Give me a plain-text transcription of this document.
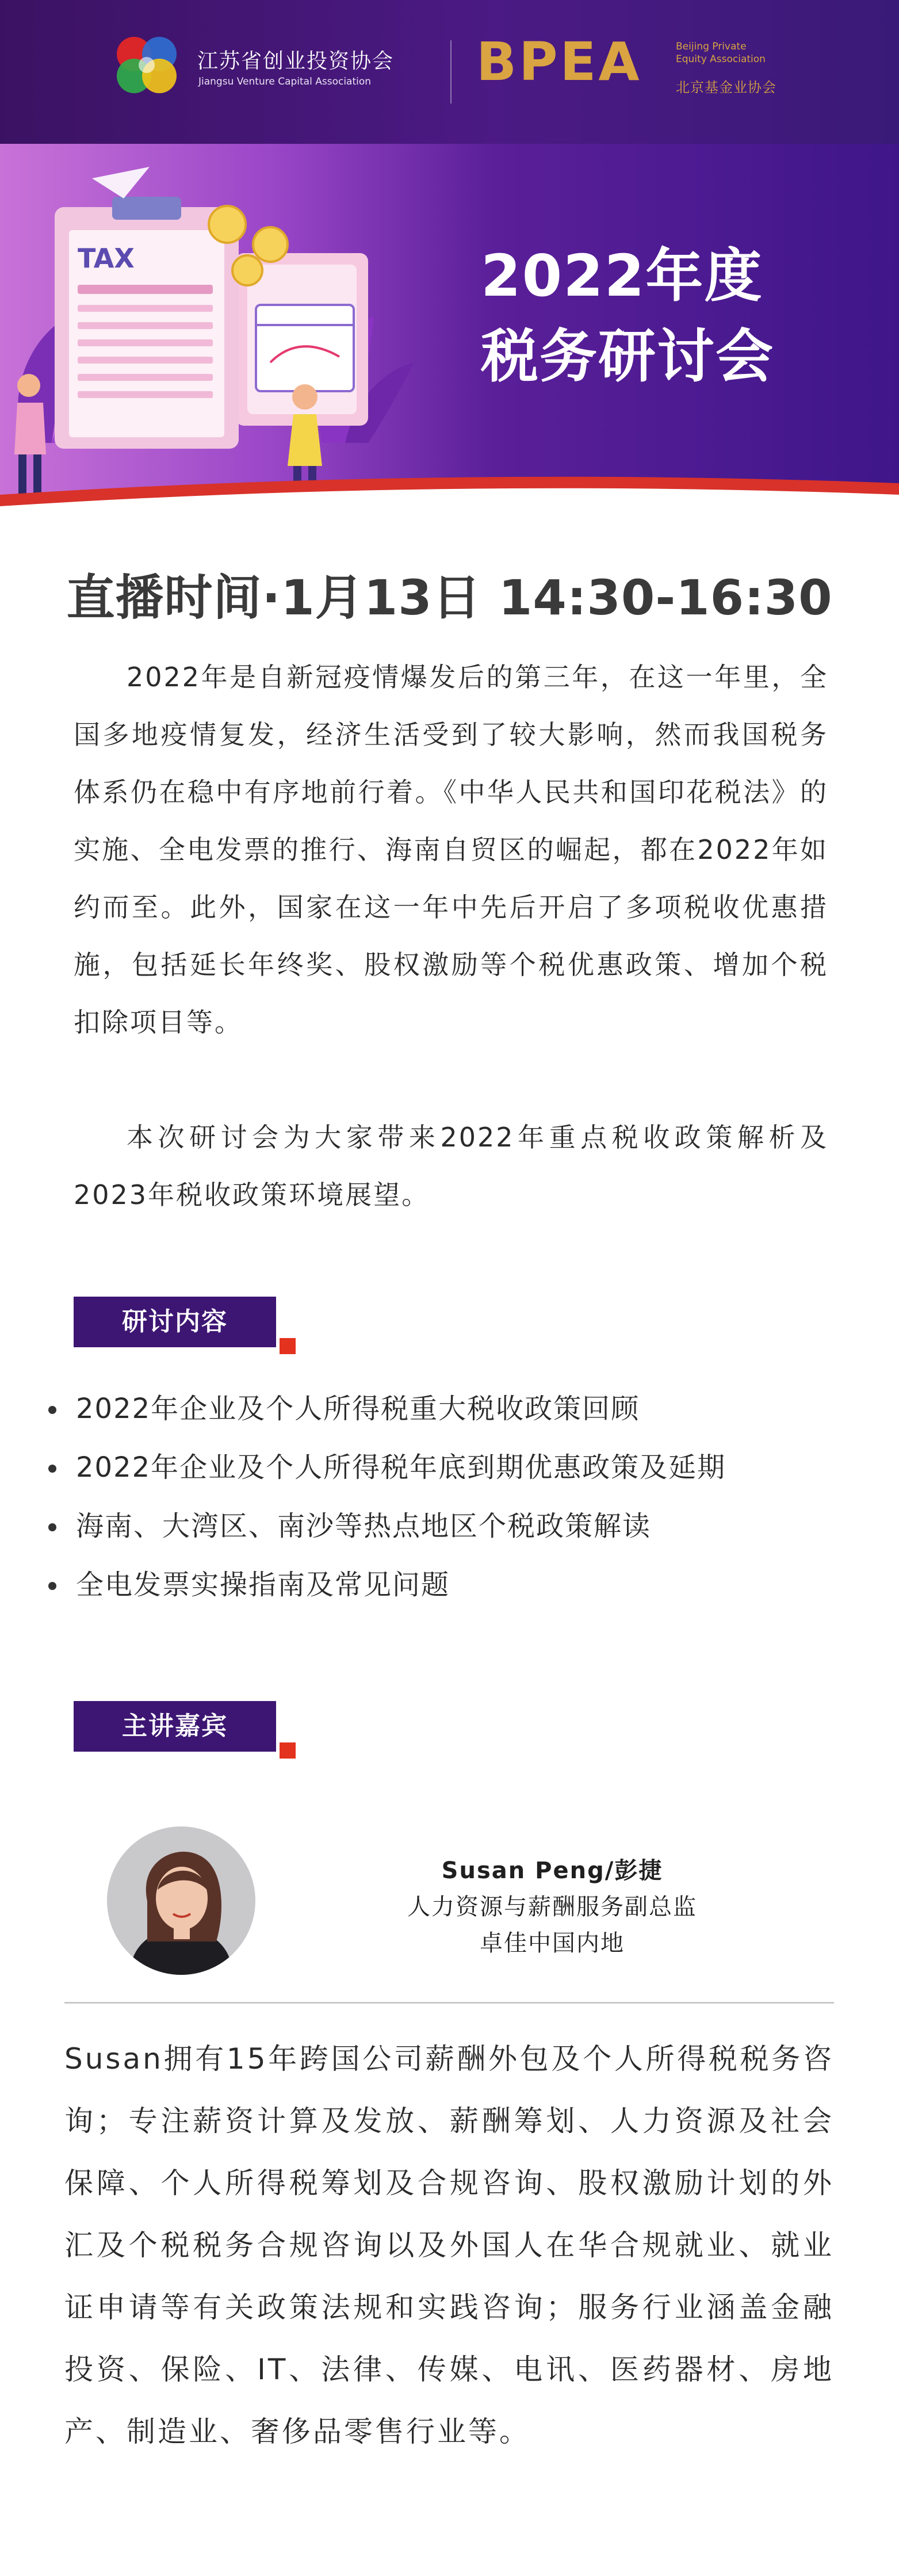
江苏省创业投资协会
Jiangsu Venture Capital Association BPEA	Beijing Private
Equity Association
北京基金业协会
TAX	2022年度
税务研讨会
直播时间·1月13日 14:30-16:30

2022年是自新冠疫情爆发后的第三年，在这一年里，全国多地疫情复发，经济生活受到了较大影响，然而我国税务体系仍在稳中有序地前行着。《中华人民共和国印花税法》的实施、全电发票的推行、海南自贸区的崛起，都在2022年如约而至。此外，国家在这一年中先后开启了多项税收优惠措施，包括延长年终奖、股权激励等个税优惠政策、增加个税扣除项目等。

本次研讨会为大家带来2022年重点税收政策解析及2023年税收政策环境展望。

研讨内容
2022年企业及个人所得税重大税收政策回顾
2022年企业及个人所得税年底到期优惠政策及延期
海南、大湾区、南沙等热点地区个税政策解读
全电发票实操指南及常见问题
主讲嘉宾
Susan Peng/彭捷
人力资源与薪酬服务副总监
卓佳中国内地

Susan拥有15年跨国公司薪酬外包及个人所得税税务咨询；专注薪资计算及发放、薪酬筹划、人力资源及社会保障、个人所得税筹划及合规咨询、股权激励计划的外汇及个税税务合规咨询以及外国人在华合规就业、就业证申请等有关政策法规和实践咨询；服务行业涵盖金融投资、保险、IT、法律、传媒、电讯、医药器材、房地产、制造业、奢侈品零售行业等。
